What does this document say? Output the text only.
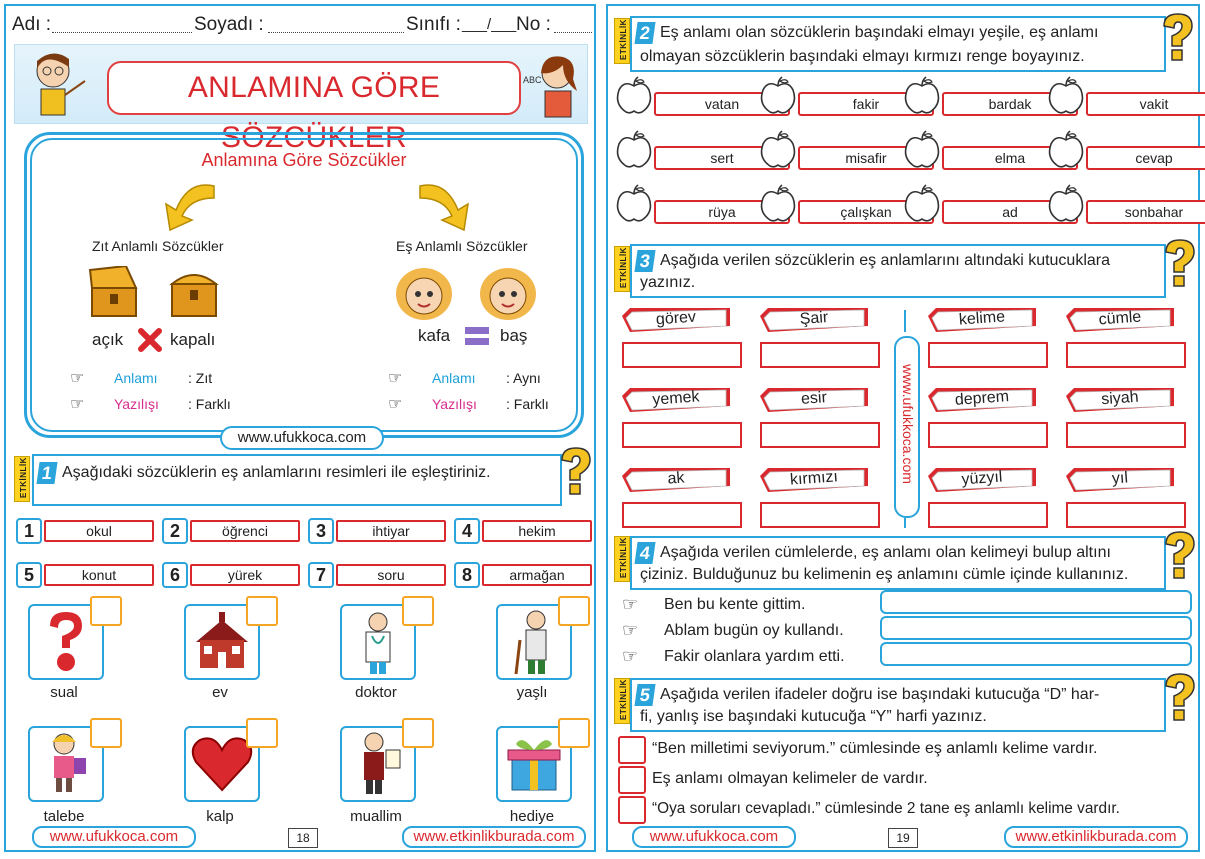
Adı :	Soyadı :	Sınıfı : ___/___ No :
ANLAMINA GÖRE SÖZCÜKLER
ABC
Anlamına Göre Sözcükler
Zıt Anlamlı Sözcükler	Eş Anlamlı Sözcükler
açık	kapalı	kafa	baş
☞ Anlamı : Zıt
☞ Yazılışı : Farklı
☞ Anlamı : Aynı
☞ Yazılışı : Farklı
www.ufukkoca.com
ETKİNLİK 1 Aşağıdaki sözcüklerin eş anlamlarını resimleri ile eşleştiriniz.
1	okul	2	öğrenci	3	ihtiyar	4	hekim
5	konut	6	yürek	7	soru	8	armağan
sual	ev	doktor	yaşlı
talebe	kalp	muallim	hediye
www.ufukkoca.com	18	www.etkinlikburada.com
ETKİNLİK 2 Eş anlamı olan sözcüklerin başındaki elmayı yeşile, eş anlamı
olmayan sözcüklerin başındaki elmayı kırmızı renge boyayınız.
vatan	fakir	bardak	vakit
sert	misafir	elma	cevap
rüya	çalışkan	ad	sonbahar
ETKİNLİK 3 Aşağıda verilen sözcüklerin eş anlamlarını altındaki kutucuklara
yazınız.
görev	Şair	kelime	cümle
yemek	esir	deprem	siyah
ak	kırmızı	yüzyıl	yıl
www.ufukkoca.com
ETKİNLİK 4 Aşağıda verilen cümlelerde, eş anlamı olan kelimeyi bulup altını
çiziniz. Bulduğunuz bu kelimenin eş anlamını cümle içinde kullanınız.
☞ Ben bu kente gittim.
☞ Ablam bugün oy kullandı.
☞ Fakir olanlara yardım etti.
ETKİNLİK 5 Aşağıda verilen ifadeler doğru ise başındaki kutucuğa “D” har-
fi, yanlış ise başındaki kutucuğa “Y” harfi yazınız.
“Ben milletimi seviyorum.” cümlesinde eş anlamlı kelime vardır.
Eş anlamı olmayan kelimeler de vardır.
“Oya soruları cevapladı.” cümlesinde 2 tane eş anlamlı kelime vardır.
www.ufukkoca.com	19	www.etkinlikburada.com
